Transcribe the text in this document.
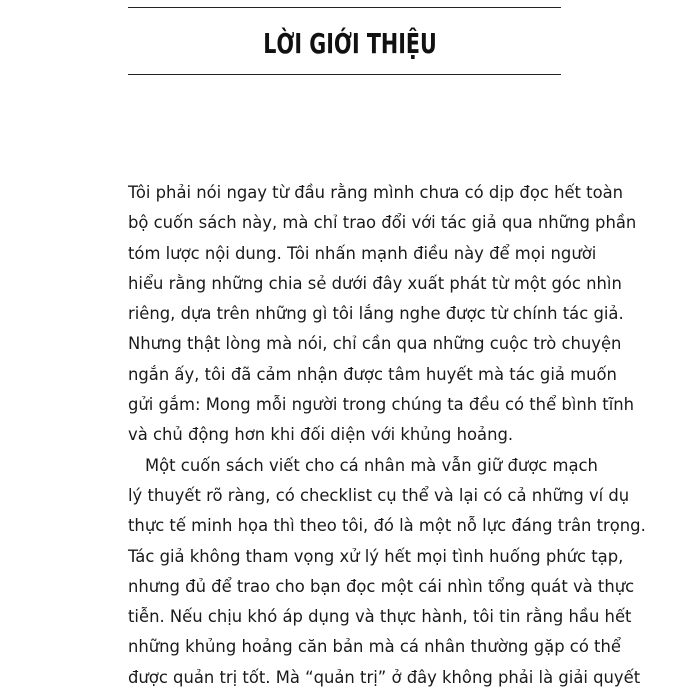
LỜI GIỚI THIỆU
Tôi phải nói ngay từ đầu rằng mình chưa có dịp đọc hết toàn
bộ cuốn sách này, mà chỉ trao đổi với tác giả qua những phần
tóm lược nội dung. Tôi nhấn mạnh điều này để mọi người
hiểu rằng những chia sẻ dưới đây xuất phát từ một góc nhìn
riêng, dựa trên những gì tôi lắng nghe được từ chính tác giả.
Nhưng thật lòng mà nói, chỉ cần qua những cuộc trò chuyện
ngắn ấy, tôi đã cảm nhận được tâm huyết mà tác giả muốn
gửi gắm: Mong mỗi người trong chúng ta đều có thể bình tĩnh
và chủ động hơn khi đối diện với khủng hoảng.
Một cuốn sách viết cho cá nhân mà vẫn giữ được mạch
lý thuyết rõ ràng, có checklist cụ thể và lại có cả những ví dụ
thực tế minh họa thì theo tôi, đó là một nỗ lực đáng trân trọng.
Tác giả không tham vọng xử lý hết mọi tình huống phức tạp,
nhưng đủ để trao cho bạn đọc một cái nhìn tổng quát và thực
tiễn. Nếu chịu khó áp dụng và thực hành, tôi tin rằng hầu hết
những khủng hoảng căn bản mà cá nhân thường gặp có thể
được quản trị tốt. Mà “quản trị” ở đây không phải là giải quyết
